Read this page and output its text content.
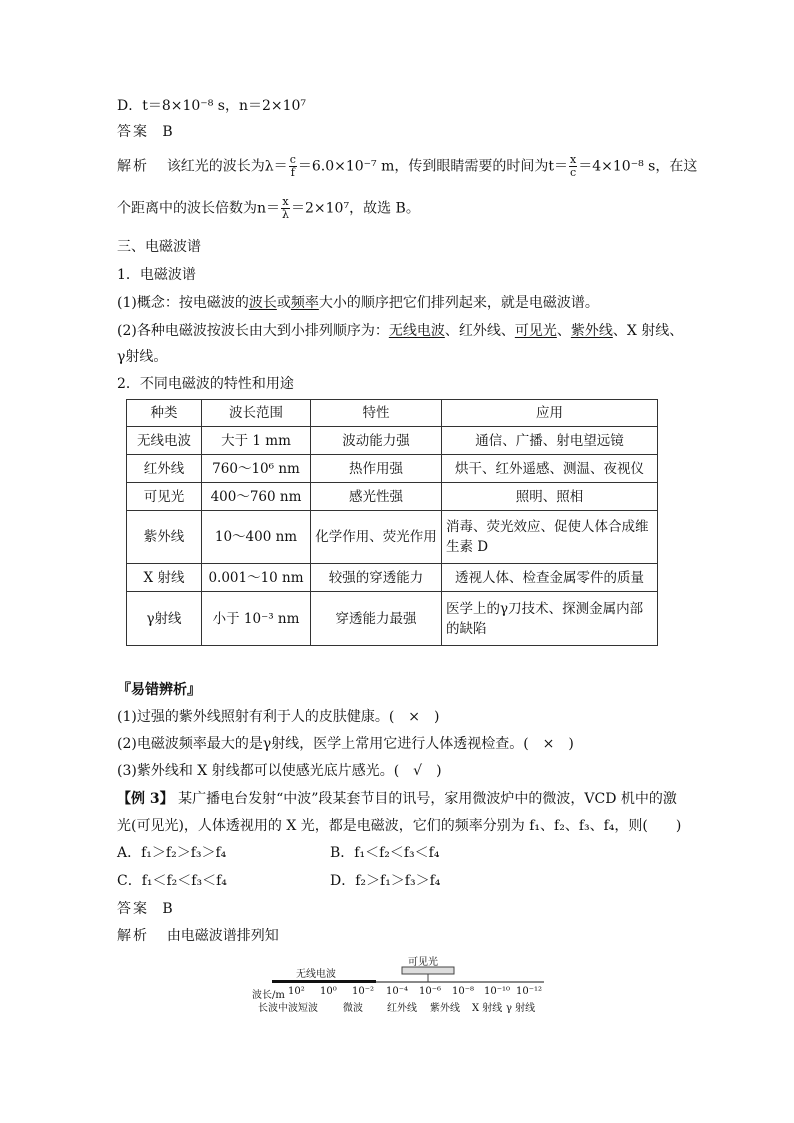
D．t＝8×10⁻⁸ s，n＝2×10⁷
答案 B
解析 该红光的波长为$\lambda= \frac{c}{f} =6.0\times 10^{-7}$ m，传到眼睛需要的时间为$t= \frac{x}{c} =4\times 10^{-8}$ s，在这
个距离中的波长倍数为$n= \frac{x}{\lambda} =2\times 10^7$，故选 B。
三、电磁波谱
1．电磁波谱
(1)概念：按电磁波的波长或频率大小的顺序把它们排列起来，就是电磁波谱。
(2)各种电磁波按波长由大到小排列顺序为：无线电波、红外线、可见光、紫外线、X 射线、
γ射线。
2．不同电磁波的特性和用途
种类	波长范围	特性	应用
无线电波	大于 1 mm	波动能力强	通信、广播、射电望远镜
红外线	760～10⁶ nm	热作用强	烘干、红外遥感、测温、夜视仪
可见光	400～760 nm	感光性强	照明、照相
紫外线	10～400 nm	化学作用、荧光作用	消毒、荧光效应、促使人体合成维生素 D
X 射线	0.001～10 nm	较强的穿透能力	透视人体、检查金属零件的质量
γ射线	小于 10⁻³ nm	穿透能力最强	医学上的γ刀技术、探测金属内部的缺陷
『易错辨析』
(1)过强的紫外线照射有利于人的皮肤健康。(　×　)
(2)电磁波频率最大的是γ射线，医学上常用它进行人体透视检查。(　×　)
(3)紫外线和 X 射线都可以使感光底片感光。(　√　)
【例 3】 某广播电台发射“中波”段某套节目的讯号，家用微波炉中的微波，VCD 机中的激
光(可见光)，人体透视用的 X 光，都是电磁波，它们的频率分别为 f₁、f₂、f₃、f₄，则(　　)
A．f₁＞f₂＞f₃＞f₄	B．f₁＜f₂＜f₃＜f₄
C．f₁＜f₂＜f₃＜f₄	D．f₂＞f₁＞f₃＞f₄
答案 B
解析 由电磁波谱排列知
无线电波
可见光
波长/m 10² 10⁰ 10⁻² 10⁻⁴ 10⁻⁶ 10⁻⁸ 10⁻¹⁰ 10⁻¹²
长波中波短波	微波 红外线 紫外线 X 射线 γ 射线
